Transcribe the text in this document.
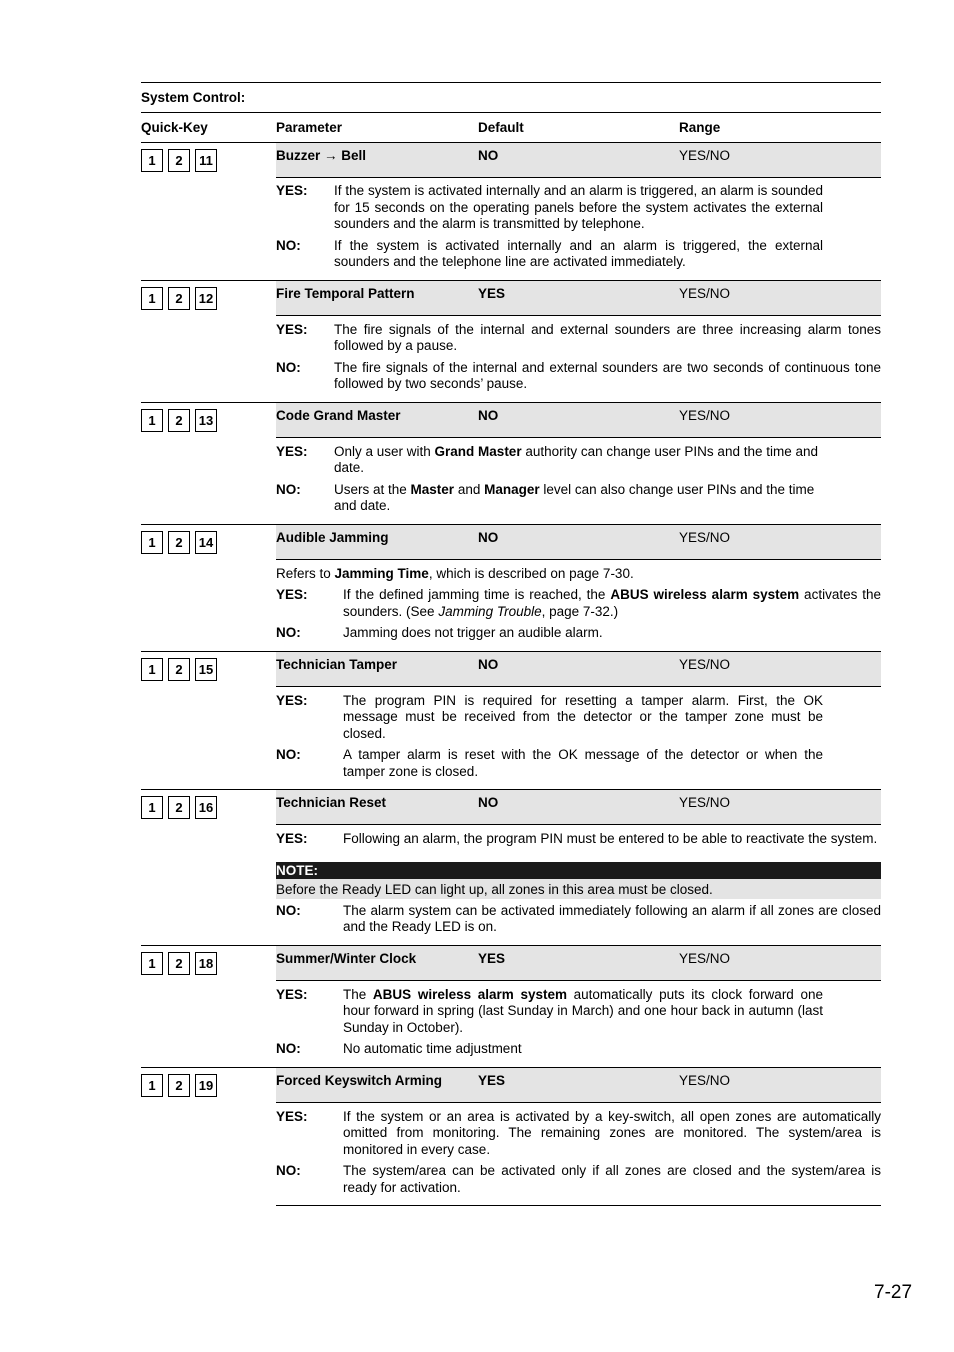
System Control:
Quick-Key	Parameter	Default	Range
1 2 11	Buzzer → Bell	NO	YES/NO
YES:	If the system is activated internally and an alarm is triggered, an alarm is sounded for 15 seconds on the operating panels before the system activates the external sounders and the alarm is transmitted by telephone.
NO:	If the system is activated internally and an alarm is triggered, the external sounders and the telephone line are activated immediately.
1 2 12	Fire Temporal Pattern	YES	YES/NO
YES:	The fire signals of the internal and external sounders are three increasing alarm tones followed by a pause.
NO:	The fire signals of the internal and external sounders are two seconds of continuous tone followed by two seconds’ pause.
1 2 13	Code Grand Master	NO	YES/NO
YES:	Only a user with Grand Master authority can change user PINs and the time and date.
NO:	Users at the Master and Manager level can also change user PINs and the time and date.
1 2 14	Audible Jamming	NO	YES/NO
Refers to Jamming Time, which is described on page 7-30.
YES:	If the defined jamming time is reached, the ABUS wireless alarm system activates the sounders. (See Jamming Trouble, page 7-32.)
NO:	Jamming does not trigger an audible alarm.
1 2 15	Technician Tamper	NO	YES/NO
YES:	The program PIN is required for resetting a tamper alarm. First, the OK message must be received from the detector or the tamper zone must be closed.
NO:	A tamper alarm is reset with the OK message of the detector or when the tamper zone is closed.
1 2 16	Technician Reset	NO	YES/NO
YES:	Following an alarm, the program PIN must be entered to be able to reactivate the system.
NOTE:
Before the Ready LED can light up, all zones in this area must be closed.
NO:	The alarm system can be activated immediately following an alarm if all zones are closed and the Ready LED is on.
1 2 18	Summer/Winter Clock	YES	YES/NO
YES:	The ABUS wireless alarm system automatically puts its clock forward one hour forward in spring (last Sunday in March) and one hour back in autumn (last Sunday in October).
NO:	No automatic time adjustment
1 2 19	Forced Keyswitch Arming	YES	YES/NO
YES:	If the system or an area is activated by a key-switch, all open zones are automatically omitted from monitoring. The remaining zones are monitored. The system/area is monitored in every case.
NO:	The system/area can be activated only if all zones are closed and the system/area is ready for activation.
7-27
